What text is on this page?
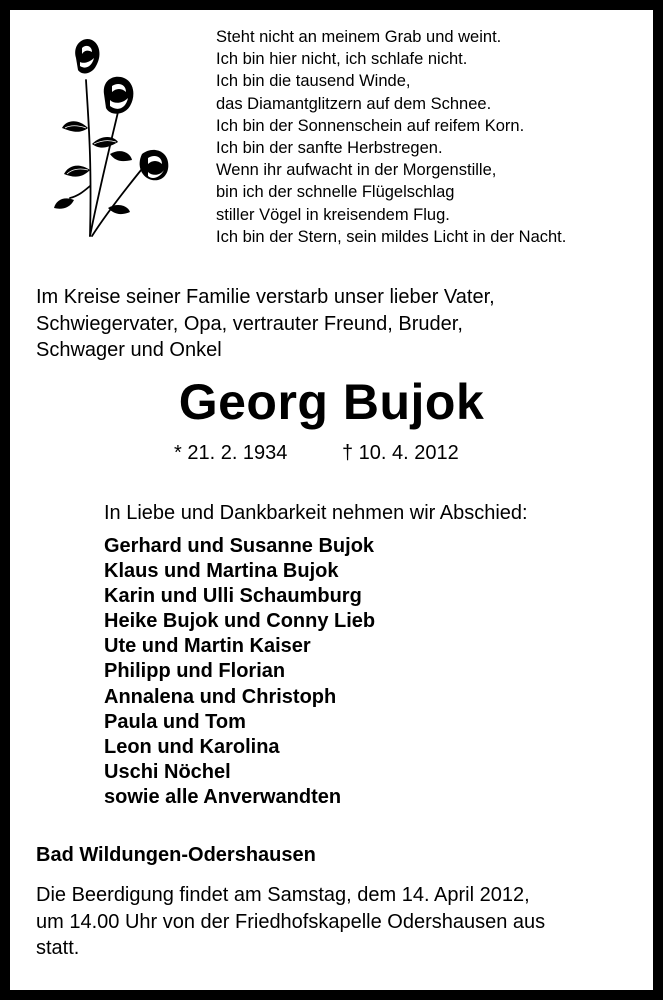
Steht nicht an meinem Grab und weint.
Ich bin hier nicht, ich schlafe nicht.
Ich bin die tausend Winde,
das Diamantglitzern auf dem Schnee.
Ich bin der Sonnenschein auf reifem Korn.
Ich bin der sanfte Herbstregen.
Wenn ihr aufwacht in der Morgenstille,
bin ich der schnelle Flügelschlag
stiller Vögel in kreisendem Flug.
Ich bin der Stern, sein mildes Licht in der Nacht.
Im Kreise seiner Familie verstarb unser lieber Vater,
Schwiegervater, Opa, vertrauter Freund, Bruder,
Schwager und Onkel
Georg Bujok
* 21. 2. 1934	† 10. 4. 2012
In Liebe und Dankbarkeit nehmen wir Abschied:
Gerhard und Susanne Bujok
Klaus und Martina Bujok
Karin und Ulli Schaumburg
Heike Bujok und Conny Lieb
Ute und Martin Kaiser
Philipp und Florian
Annalena und Christoph
Paula und Tom
Leon und Karolina
Uschi Nöchel
sowie alle Anverwandten
Bad Wildungen-Odershausen
Die Beerdigung findet am Samstag, dem 14. April 2012,
um 14.00 Uhr von der Friedhofskapelle Odershausen aus
statt.
